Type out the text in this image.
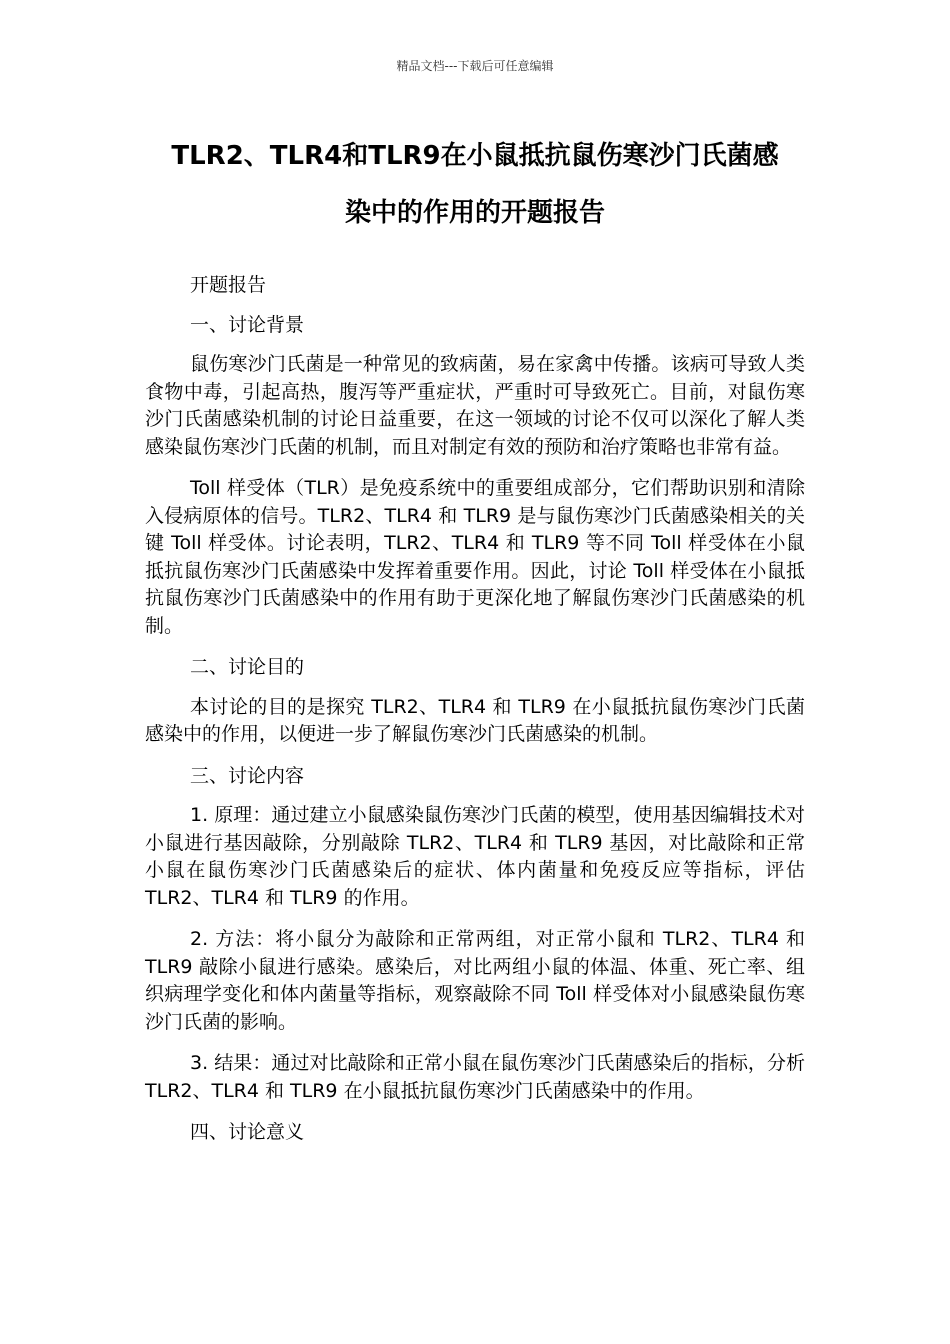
精品文档---下载后可任意编辑
TLR2、TLR4和TLR9在小鼠抵抗鼠伤寒沙门氏菌感
染中的作用的开题报告

开题报告

一、讨论背景

鼠伤寒沙门氏菌是一种常见的致病菌，易在家禽中传播。该病可导致人类食物中毒，引起高热，腹泻等严重症状，严重时可导致死亡。目前，对鼠伤寒沙门氏菌感染机制的讨论日益重要，在这一领域的讨论不仅可以深化了解人类感染鼠伤寒沙门氏菌的机制，而且对制定有效的预防和治疗策略也非常有益。

Toll 样受体（TLR）是免疫系统中的重要组成部分，它们帮助识别和清除入侵病原体的信号。TLR2、TLR4 和 TLR9 是与鼠伤寒沙门氏菌感染相关的关键 Toll 样受体。讨论表明，TLR2、TLR4 和 TLR9 等不同 Toll 样受体在小鼠抵抗鼠伤寒沙门氏菌感染中发挥着重要作用。因此，讨论 Toll 样受体在小鼠抵抗鼠伤寒沙门氏菌感染中的作用有助于更深化地了解鼠伤寒沙门氏菌感染的机制。

二、讨论目的

本讨论的目的是探究 TLR2、TLR4 和 TLR9 在小鼠抵抗鼠伤寒沙门氏菌感染中的作用，以便进一步了解鼠伤寒沙门氏菌感染的机制。

三、讨论内容

1. 原理：通过建立小鼠感染鼠伤寒沙门氏菌的模型，使用基因编辑技术对小鼠进行基因敲除，分别敲除 TLR2、TLR4 和 TLR9 基因，对比敲除和正常小鼠在鼠伤寒沙门氏菌感染后的症状、体内菌量和免疫反应等指标，评估 TLR2、TLR4 和 TLR9 的作用。

2. 方法：将小鼠分为敲除和正常两组，对正常小鼠和 TLR2、TLR4 和 TLR9 敲除小鼠进行感染。感染后，对比两组小鼠的体温、体重、死亡率、组织病理学变化和体内菌量等指标，观察敲除不同 Toll 样受体对小鼠感染鼠伤寒沙门氏菌的影响。

3. 结果：通过对比敲除和正常小鼠在鼠伤寒沙门氏菌感染后的指标，分析 TLR2、TLR4 和 TLR9 在小鼠抵抗鼠伤寒沙门氏菌感染中的作用。

四、讨论意义
